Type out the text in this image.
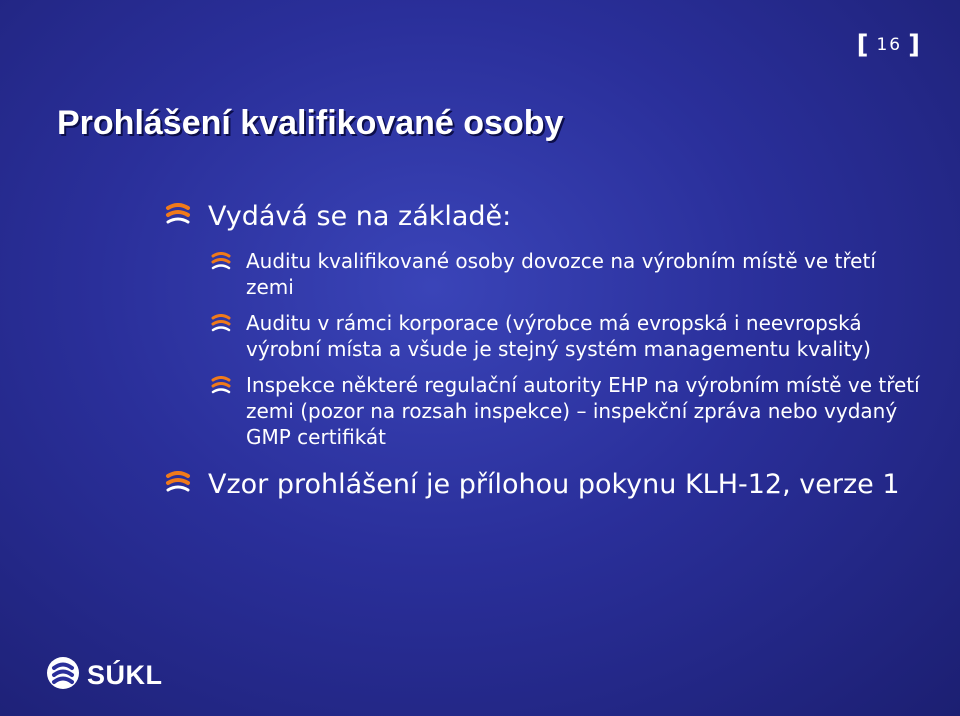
[ 16 ]
Prohlášení kvalifikované osoby
Vydává se na základě:
Auditu kvalifikované osoby dovozce na výrobním místě ve třetí zemi
Auditu v rámci korporace (výrobce má evropská i neevropská výrobní místa a všude je stejný systém managementu kvality)
Inspekce některé regulační autority EHP na výrobním místě ve třetí zemi (pozor na rozsah inspekce) – inspekční zpráva nebo vydaný GMP certifikát
Vzor prohlášení je přílohou pokynu KLH-12, verze 1
SÚKL
